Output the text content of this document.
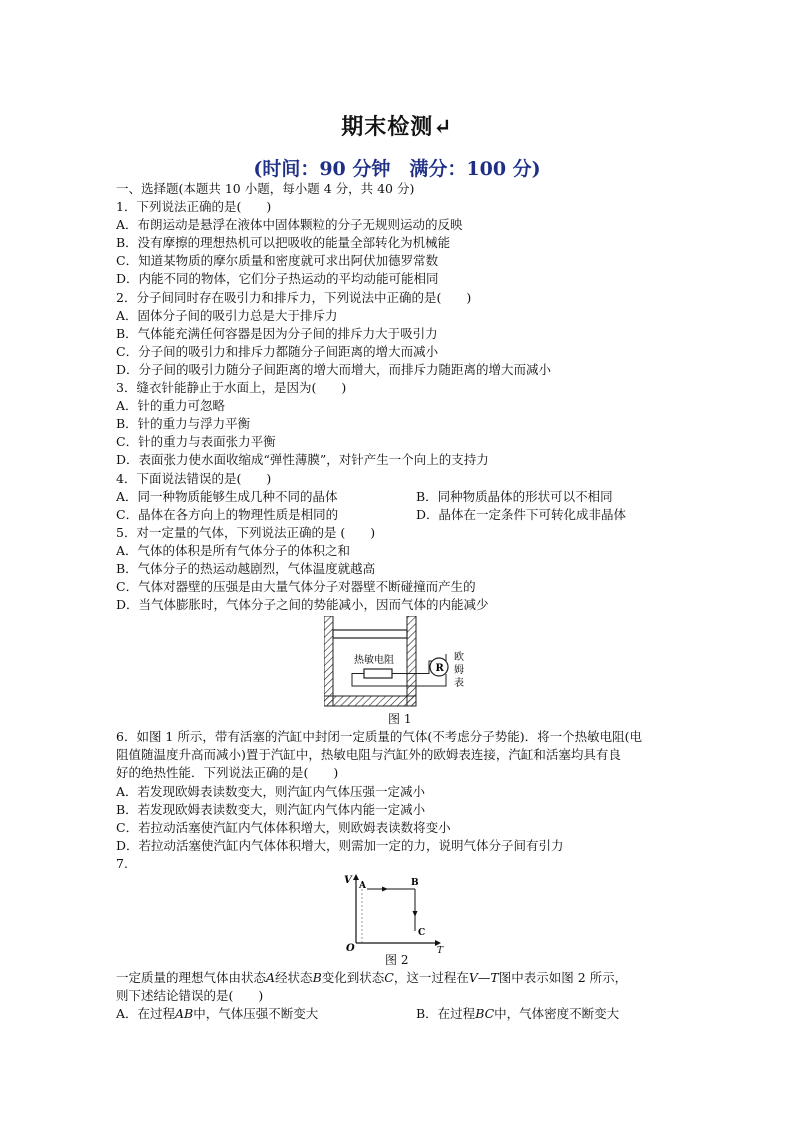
期末检测↵
(时间：90 分钟　满分：100 分)
一、选择题(本题共 10 小题，每小题 4 分，共 40 分)
1．下列说法正确的是(　　)
A．布朗运动是悬浮在液体中固体颗粒的分子无规则运动的反映
B．没有摩擦的理想热机可以把吸收的能量全部转化为机械能
C．知道某物质的摩尔质量和密度就可求出阿伏加德罗常数
D．内能不同的物体，它们分子热运动的平均动能可能相同
2．分子间同时存在吸引力和排斥力，下列说法中正确的是(　　)
A．固体分子间的吸引力总是大于排斥力
B．气体能充满任何容器是因为分子间的排斥力大于吸引力
C．分子间的吸引力和排斥力都随分子间距离的增大而减小
D．分子间的吸引力随分子间距离的增大而增大，而排斥力随距离的增大而减小
3．缝衣针能静止于水面上，是因为(　　)
A．针的重力可忽略
B．针的重力与浮力平衡
C．针的重力与表面张力平衡
D．表面张力使水面收缩成“弹性薄膜”，对针产生一个向上的支持力
4．下面说法错误的是(　　)
A．同一种物质能够生成几种不同的晶体	B．同种物质晶体的形状可以不相同
C．晶体在各方向上的物理性质是相同的	D．晶体在一定条件下可转化成非晶体
5．对一定量的气体，下列说法正确的是 (　　)
A．气体的体积是所有气体分子的体积之和
B．气体分子的热运动越剧烈，气体温度就越高
C．气体对器壁的压强是由大量气体分子对器壁不断碰撞而产生的
D．当气体膨胀时，气体分子之间的势能减小，因而气体的内能减少
热敏电阻
R
欧
姆
表
图 1
6．如图 1 所示，带有活塞的汽缸中封闭一定质量的气体(不考虑分子势能)．将一个热敏电阻(电
阻值随温度升高而减小)置于汽缸中，热敏电阻与汽缸外的欧姆表连接，汽缸和活塞均具有良
好的绝热性能．下列说法正确的是(　　)
A．若发现欧姆表读数变大，则汽缸内气体压强一定减小
B．若发现欧姆表读数变大，则汽缸内气体内能一定减小
C．若拉动活塞使汽缸内气体体积增大，则欧姆表读数将变小
D．若拉动活塞使汽缸内气体体积增大，则需加一定的力，说明气体分子间有引力
7.
V
T
O
A	B
C
图 2
一定质量的理想气体由状态A经状态B变化到状态C，这一过程在V—T图中表示如图 2 所示，
则下述结论错误的是(　　)
A．在过程AB中，气体压强不断变大	B．在过程BC中，气体密度不断变大
